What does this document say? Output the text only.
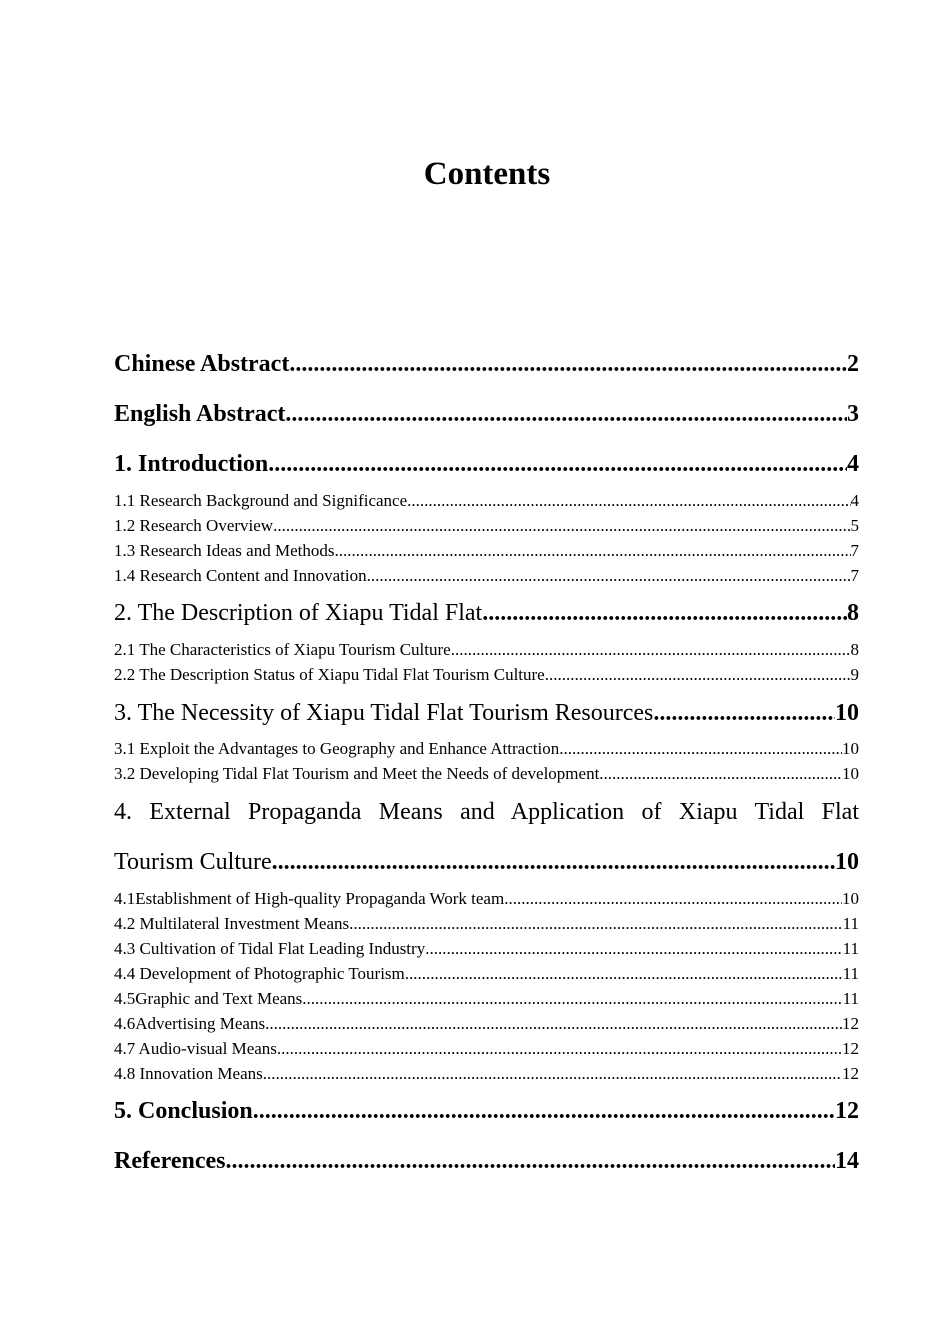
Contents
Chinese Abstract .....	2
English Abstract .....	3
1. Introduction .....	4
1.1 Research Background and Significance .....	4
1.2 Research Overview .....	5
1.3 Research Ideas and Methods .....	7
1.4 Research Content and Innovation .....	7
2. The Description of Xiapu Tidal Flat .....	8
2.1 The Characteristics of Xiapu Tourism Culture .....	8
2.2 The Description Status of Xiapu Tidal Flat Tourism Culture .....	9
3. The Necessity of Xiapu Tidal Flat Tourism Resources .....	10
3.1 Exploit the Advantages to Geography and Enhance Attraction .....	10
3.2 Developing Tidal Flat Tourism and Meet the Needs of development .....	10
4. External Propaganda Means and Application of Xiapu Tidal Flat
Tourism Culture .....	10
4.1Establishment of High-quality Propaganda Work team .....	10
4.2 Multilateral Investment Means .....	11
4.3 Cultivation of Tidal Flat Leading Industry .....	11
4.4 Development of Photographic Tourism .....	11
4.5Graphic and Text Means .....	11
4.6Advertising Means .....	12
4.7 Audio-visual Means .....	12
4.8 Innovation Means .....	12
5. Conclusion .....	12
References .....	14
